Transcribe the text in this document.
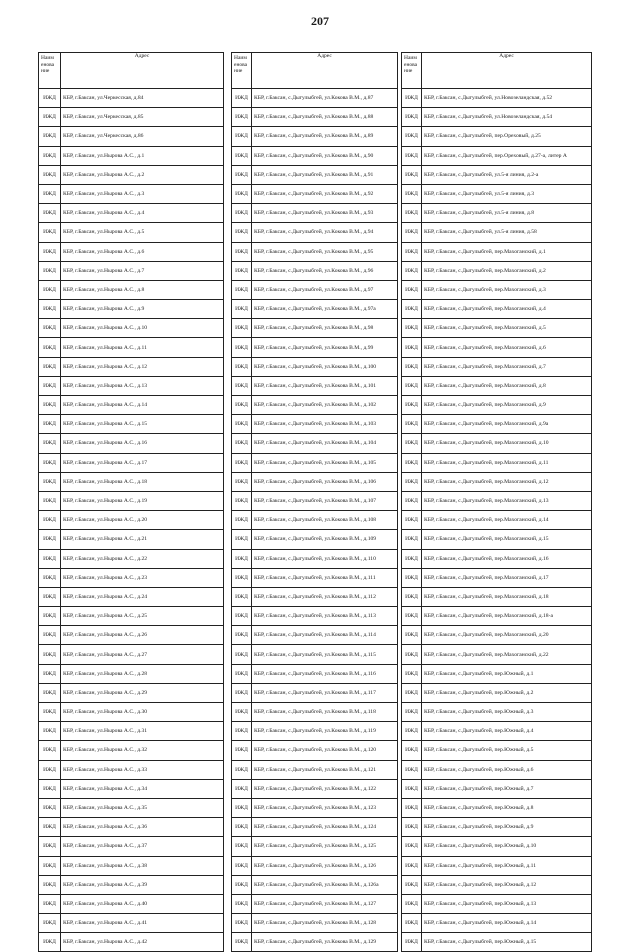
207
Наим енова ние	Адрес
ИЖД	КБР, г.Баксан, ул.Черкесская, д.84
ИЖД	КБР, г.Баксан, ул.Черкесская, д.85
ИЖД	КБР, г.Баксан, ул.Черкесская, д.86
ИЖД	КБР, г.Баксан, ул.Нырова А.С., д.1
ИЖД	КБР, г.Баксан, ул.Нырова А.С., д.2
ИЖД	КБР, г.Баксан, ул.Нырова А.С., д.3
ИЖД	КБР, г.Баксан, ул.Нырова А.С., д.4
ИЖД	КБР, г.Баксан, ул.Нырова А.С., д.5
ИЖД	КБР, г.Баксан, ул.Нырова А.С., д.6
ИЖД	КБР, г.Баксан, ул.Нырова А.С., д.7
ИЖД	КБР, г.Баксан, ул.Нырова А.С., д.8
ИЖД	КБР, г.Баксан, ул.Нырова А.С., д.9
ИЖД	КБР, г.Баксан, ул.Нырова А.С., д.10
ИЖД	КБР, г.Баксан, ул.Нырова А.С., д.11
ИЖД	КБР, г.Баксан, ул.Нырова А.С., д.12
ИЖД	КБР, г.Баксан, ул.Нырова А.С., д.13
ИЖД	КБР, г.Баксан, ул.Нырова А.С., д.14
ИЖД	КБР, г.Баксан, ул.Нырова А.С., д.15
ИЖД	КБР, г.Баксан, ул.Нырова А.С., д.16
ИЖД	КБР, г.Баксан, ул.Нырова А.С., д.17
ИЖД	КБР, г.Баксан, ул.Нырова А.С., д.18
ИЖД	КБР, г.Баксан, ул.Нырова А.С., д.19
ИЖД	КБР, г.Баксан, ул.Нырова А.С., д.20
ИЖД	КБР, г.Баксан, ул.Нырова А.С., д.21
ИЖД	КБР, г.Баксан, ул.Нырова А.С., д.22
ИЖД	КБР, г.Баксан, ул.Нырова А.С., д.23
ИЖД	КБР, г.Баксан, ул.Нырова А.С., д.24
ИЖД	КБР, г.Баксан, ул.Нырова А.С., д.25
ИЖД	КБР, г.Баксан, ул.Нырова А.С., д.26
ИЖД	КБР, г.Баксан, ул.Нырова А.С., д.27
ИЖД	КБР, г.Баксан, ул.Нырова А.С., д.28
ИЖД	КБР, г.Баксан, ул.Нырова А.С., д.29
ИЖД	КБР, г.Баксан, ул.Нырова А.С., д.30
ИЖД	КБР, г.Баксан, ул.Нырова А.С., д.31
ИЖД	КБР, г.Баксан, ул.Нырова А.С., д.32
ИЖД	КБР, г.Баксан, ул.Нырова А.С., д.33
ИЖД	КБР, г.Баксан, ул.Нырова А.С., д.34
ИЖД	КБР, г.Баксан, ул.Нырова А.С., д.35
ИЖД	КБР, г.Баксан, ул.Нырова А.С., д.36
ИЖД	КБР, г.Баксан, ул.Нырова А.С., д.37
ИЖД	КБР, г.Баксан, ул.Нырова А.С., д.38
ИЖД	КБР, г.Баксан, ул.Нырова А.С., д.39
ИЖД	КБР, г.Баксан, ул.Нырова А.С., д.40
ИЖД	КБР, г.Баксан, ул.Нырова А.С., д.41
ИЖД	КБР, г.Баксан, ул.Нырова А.С., д.42
Наим енова ние	Адрес
ИЖД	КБР, г.Баксан, с.Дыгулыбгей, ул.Кокова В.М., д.87
ИЖД	КБР, г.Баксан, с.Дыгулыбгей, ул.Кокова В.М., д.88
ИЖД	КБР, г.Баксан, с.Дыгулыбгей, ул.Кокова В.М., д.89
ИЖД	КБР, г.Баксан, с.Дыгулыбгей, ул.Кокова В.М., д.90
ИЖД	КБР, г.Баксан, с.Дыгулыбгей, ул.Кокова В.М., д.91
ИЖД	КБР, г.Баксан, с.Дыгулыбгей, ул.Кокова В.М., д.92
ИЖД	КБР, г.Баксан, с.Дыгулыбгей, ул.Кокова В.М., д.93
ИЖД	КБР, г.Баксан, с.Дыгулыбгей, ул.Кокова В.М., д.94
ИЖД	КБР, г.Баксан, с.Дыгулыбгей, ул.Кокова В.М., д.95
ИЖД	КБР, г.Баксан, с.Дыгулыбгей, ул.Кокова В.М., д.96
ИЖД	КБР, г.Баксан, с.Дыгулыбгей, ул.Кокова В.М., д.97
ИЖД	КБР, г.Баксан, с.Дыгулыбгей, ул.Кокова В.М., д.97а
ИЖД	КБР, г.Баксан, с.Дыгулыбгей, ул.Кокова В.М., д.98
ИЖД	КБР, г.Баксан, с.Дыгулыбгей, ул.Кокова В.М., д.99
ИЖД	КБР, г.Баксан, с.Дыгулыбгей, ул.Кокова В.М., д.100
ИЖД	КБР, г.Баксан, с.Дыгулыбгей, ул.Кокова В.М., д.101
ИЖД	КБР, г.Баксан, с.Дыгулыбгей, ул.Кокова В.М., д.102
ИЖД	КБР, г.Баксан, с.Дыгулыбгей, ул.Кокова В.М., д.103
ИЖД	КБР, г.Баксан, с.Дыгулыбгей, ул.Кокова В.М., д.104
ИЖД	КБР, г.Баксан, с.Дыгулыбгей, ул.Кокова В.М., д.105
ИЖД	КБР, г.Баксан, с.Дыгулыбгей, ул.Кокова В.М., д.106
ИЖД	КБР, г.Баксан, с.Дыгулыбгей, ул.Кокова В.М., д.107
ИЖД	КБР, г.Баксан, с.Дыгулыбгей, ул.Кокова В.М., д.108
ИЖД	КБР, г.Баксан, с.Дыгулыбгей, ул.Кокова В.М., д.109
ИЖД	КБР, г.Баксан, с.Дыгулыбгей, ул.Кокова В.М., д.110
ИЖД	КБР, г.Баксан, с.Дыгулыбгей, ул.Кокова В.М., д.111
ИЖД	КБР, г.Баксан, с.Дыгулыбгей, ул.Кокова В.М., д.112
ИЖД	КБР, г.Баксан, с.Дыгулыбгей, ул.Кокова В.М., д.113
ИЖД	КБР, г.Баксан, с.Дыгулыбгей, ул.Кокова В.М., д.114
ИЖД	КБР, г.Баксан, с.Дыгулыбгей, ул.Кокова В.М., д.115
ИЖД	КБР, г.Баксан, с.Дыгулыбгей, ул.Кокова В.М., д.116
ИЖД	КБР, г.Баксан, с.Дыгулыбгей, ул.Кокова В.М., д.117
ИЖД	КБР, г.Баксан, с.Дыгулыбгей, ул.Кокова В.М., д.118
ИЖД	КБР, г.Баксан, с.Дыгулыбгей, ул.Кокова В.М., д.119
ИЖД	КБР, г.Баксан, с.Дыгулыбгей, ул.Кокова В.М., д.120
ИЖД	КБР, г.Баксан, с.Дыгулыбгей, ул.Кокова В.М., д.121
ИЖД	КБР, г.Баксан, с.Дыгулыбгей, ул.Кокова В.М., д.122
ИЖД	КБР, г.Баксан, с.Дыгулыбгей, ул.Кокова В.М., д.123
ИЖД	КБР, г.Баксан, с.Дыгулыбгей, ул.Кокова В.М., д.124
ИЖД	КБР, г.Баксан, с.Дыгулыбгей, ул.Кокова В.М., д.125
ИЖД	КБР, г.Баксан, с.Дыгулыбгей, ул.Кокова В.М., д.126
ИЖД	КБР, г.Баксан, с.Дыгулыбгей, ул.Кокова В.М., д.126а
ИЖД	КБР, г.Баксан, с.Дыгулыбгей, ул.Кокова В.М., д.127
ИЖД	КБР, г.Баксан, с.Дыгулыбгей, ул.Кокова В.М., д.128
ИЖД	КБР, г.Баксан, с.Дыгулыбгей, ул.Кокова В.М., д.129
Наим енова ние	Адрес
ИЖД	КБР, г.Баксан, с.Дыгулыбгей, ул.Новозеландская, д.52
ИЖД	КБР, г.Баксан, с.Дыгулыбгей, ул.Новозеландская, д.54
ИЖД	КБР, г.Баксан, с.Дыгулыбгей, пер.Ореховый, д.25
ИЖД	КБР, г.Баксан, с.Дыгулыбгей, пер.Ореховый, д.27-а, литер А
ИЖД	КБР, г.Баксан, с.Дыгулыбгей, ул.5-я линия, д.2-а
ИЖД	КБР, г.Баксан, с.Дыгулыбгей, ул.5-я линия, д.3
ИЖД	КБР, г.Баксан, с.Дыгулыбгей, ул.5-я линия, д.8
ИЖД	КБР, г.Баксан, с.Дыгулыбгей, ул.5-я линия, д.58
ИЖД	КБР, г.Баксан, с.Дыгулыбгей, пер.Махоганский, д.1
ИЖД	КБР, г.Баксан, с.Дыгулыбгей, пер.Махоганский, д.2
ИЖД	КБР, г.Баксан, с.Дыгулыбгей, пер.Махоганский, д.3
ИЖД	КБР, г.Баксан, с.Дыгулыбгей, пер.Махоганский, д.4
ИЖД	КБР, г.Баксан, с.Дыгулыбгей, пер.Махоганский, д.5
ИЖД	КБР, г.Баксан, с.Дыгулыбгей, пер.Махоганский, д.6
ИЖД	КБР, г.Баксан, с.Дыгулыбгей, пер.Махоганский, д.7
ИЖД	КБР, г.Баксан, с.Дыгулыбгей, пер.Махоганский, д.8
ИЖД	КБР, г.Баксан, с.Дыгулыбгей, пер.Махоганский, д.9
ИЖД	КБР, г.Баксан, с.Дыгулыбгей, пер.Махоганский, д.9а
ИЖД	КБР, г.Баксан, с.Дыгулыбгей, пер.Махоганский, д.10
ИЖД	КБР, г.Баксан, с.Дыгулыбгей, пер.Махоганский, д.11
ИЖД	КБР, г.Баксан, с.Дыгулыбгей, пер.Махоганский, д.12
ИЖД	КБР, г.Баксан, с.Дыгулыбгей, пер.Махоганский, д.13
ИЖД	КБР, г.Баксан, с.Дыгулыбгей, пер.Махоганский, д.14
ИЖД	КБР, г.Баксан, с.Дыгулыбгей, пер.Махоганский, д.15
ИЖД	КБР, г.Баксан, с.Дыгулыбгей, пер.Махоганский, д.16
ИЖД	КБР, г.Баксан, с.Дыгулыбгей, пер.Махоганский, д.17
ИЖД	КБР, г.Баксан, с.Дыгулыбгей, пер.Махоганский, д.18
ИЖД	КБР, г.Баксан, с.Дыгулыбгей, пер.Махоганский, д.18-а
ИЖД	КБР, г.Баксан, с.Дыгулыбгей, пер.Махоганский, д.20
ИЖД	КБР, г.Баксан, с.Дыгулыбгей, пер.Махоганский, д.22
ИЖД	КБР, г.Баксан, с.Дыгулыбгей, пер.Южный, д.1
ИЖД	КБР, г.Баксан, с.Дыгулыбгей, пер.Южный, д.2
ИЖД	КБР, г.Баксан, с.Дыгулыбгей, пер.Южный, д.3
ИЖД	КБР, г.Баксан, с.Дыгулыбгей, пер.Южный, д.4
ИЖД	КБР, г.Баксан, с.Дыгулыбгей, пер.Южный, д.5
ИЖД	КБР, г.Баксан, с.Дыгулыбгей, пер.Южный, д.6
ИЖД	КБР, г.Баксан, с.Дыгулыбгей, пер.Южный, д.7
ИЖД	КБР, г.Баксан, с.Дыгулыбгей, пер.Южный, д.8
ИЖД	КБР, г.Баксан, с.Дыгулыбгей, пер.Южный, д.9
ИЖД	КБР, г.Баксан, с.Дыгулыбгей, пер.Южный, д.10
ИЖД	КБР, г.Баксан, с.Дыгулыбгей, пер.Южный, д.11
ИЖД	КБР, г.Баксан, с.Дыгулыбгей, пер.Южный, д.12
ИЖД	КБР, г.Баксан, с.Дыгулыбгей, пер.Южный, д.13
ИЖД	КБР, г.Баксан, с.Дыгулыбгей, пер.Южный, д.14
ИЖД	КБР, г.Баксан, с.Дыгулыбгей, пер.Южный, д.15
